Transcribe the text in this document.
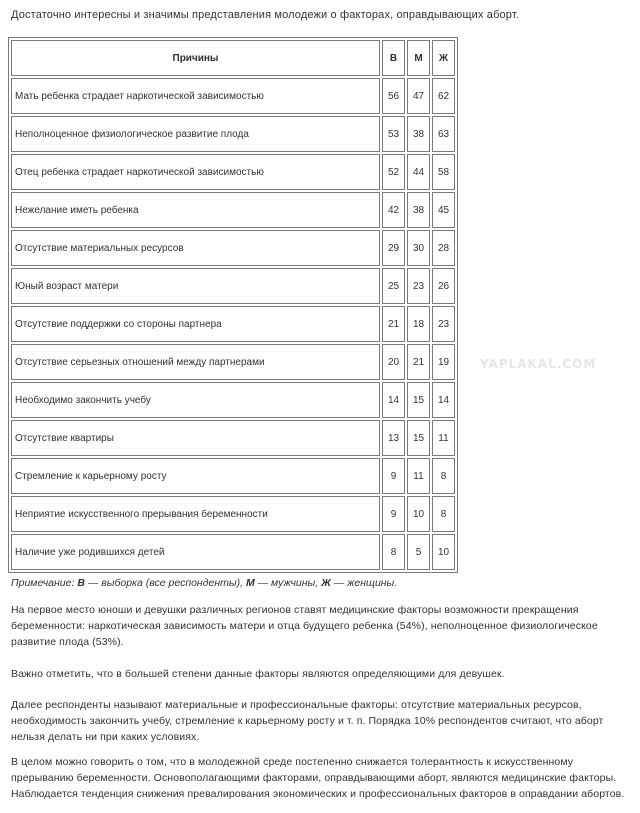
Достаточно интересны и значимы представления молодежи о факторах, оправдывающих аборт.
Причины	В	М	Ж
Мать ребенка страдает наркотической зависимостью	56	47	62
Неполноценное физиологическое развитие плода	53	38	63
Отец ребенка страдает наркотической зависимостью	52	44	58
Нежелание иметь ребенка	42	38	45
Отсутствие материальных ресурсов	29	30	28
Юный возраст матери	25	23	26
Отсутствие поддержки со стороны партнера	21	18	23
Отсутствие серьезных отношений между партнерами	20	21	19
Необходимо закончить учебу	14	15	14
Отсутствие квартиры	13	15	11
Стремление к карьерному росту	9	11	8
Неприятие искусственного прерывания беременности	9	10	8
Наличие уже родившихся детей	8	5	10
Примечание: В — выборка (все респонденты), М — мужчины, Ж — женщины.
На первое место юноши и девушки различных регионов ставят медицинские факторы возможности прекращения беременности: наркотическая зависимость матери и отца будущего ребенка (54%), неполноценное физиологическое развитие плода (53%).
Важно отметить, что в большей степени данные факторы являются определяющими для девушек.
Далее респонденты называют материальные и профессиональные факторы: отсутствие материальных ресурсов, необходимость закончить учебу, стремление к карьерному росту и т. п. Порядка 10% респондентов считают, что аборт нельзя делать ни при каких условиях.
В целом можно говорить о том, что в молодежной среде постепенно снижается толерантность к искусственному прерыванию беременности. Основополагающими факторами, оправдывающими аборт, являются медицинские факторы. Наблюдается тенденция снижения превалирования экономических и профессиональных факторов в оправдании абортов.
YAPLAKAL.COM
